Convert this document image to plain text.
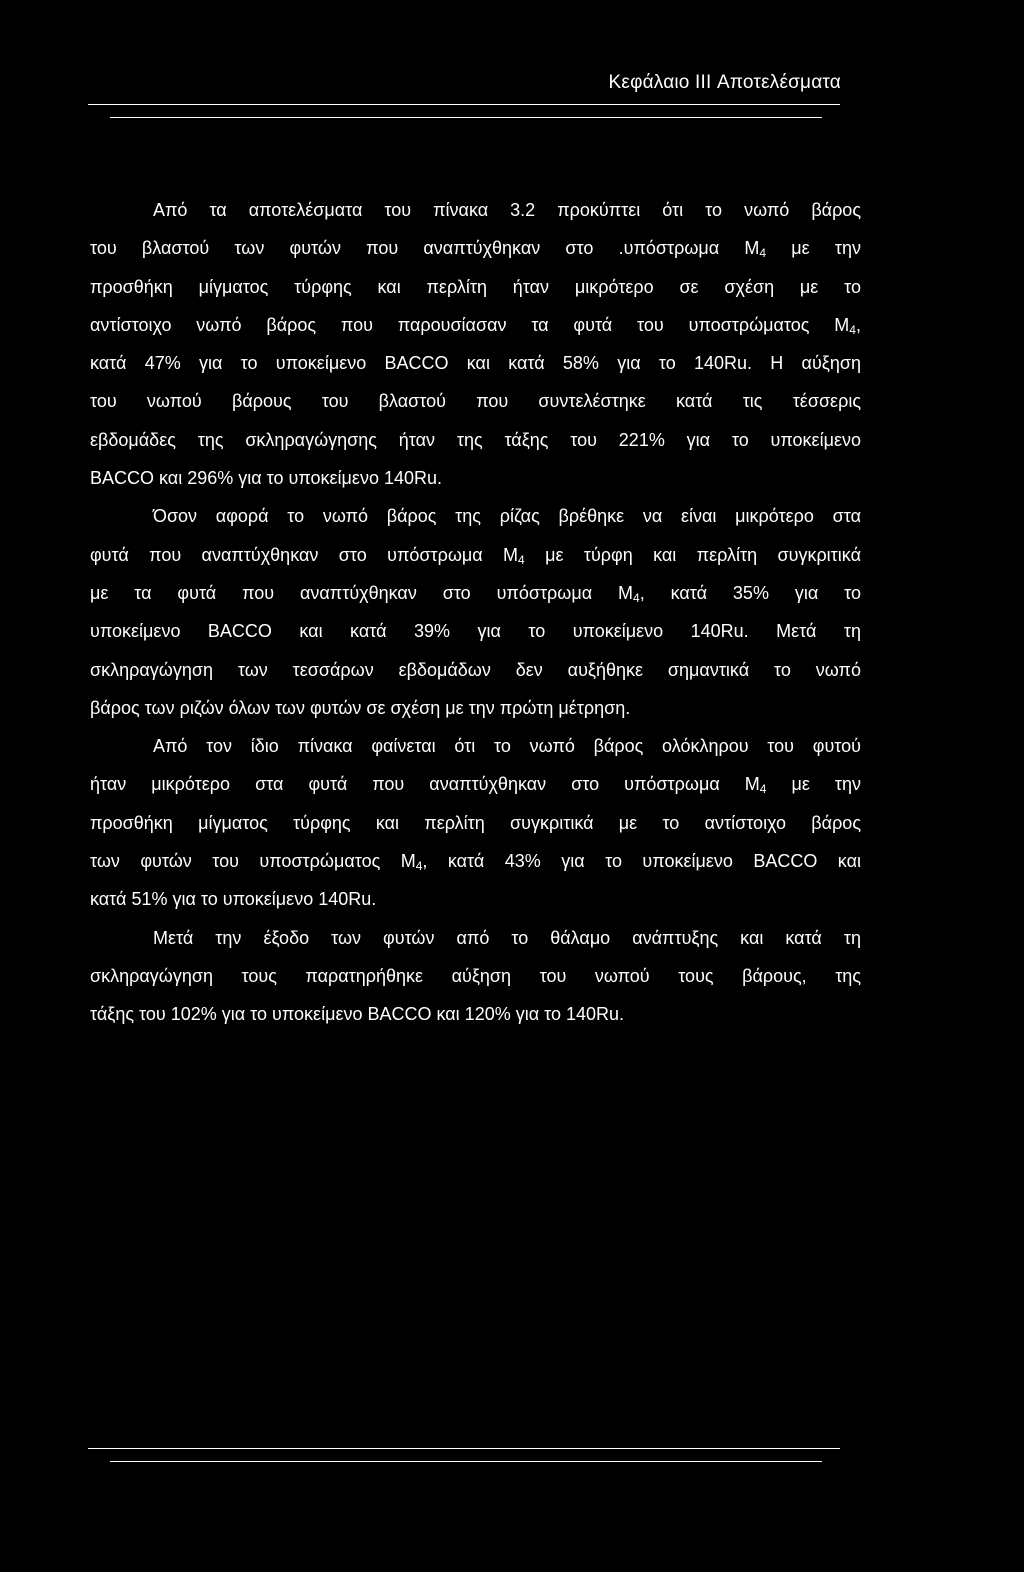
Κεφάλαιο III Αποτελέσματα
Από τα αποτελέσματα του πίνακα 3.2 προκύπτει ότι το νωπό βάρος
του βλαστού των φυτών που αναπτύχθηκαν στο .υπόστρωμα $M_4$ με την
προσθήκη μίγματος τύρφης και περλίτη ήταν μικρότερο σε σχέση με το
αντίστοιχο νωπό βάρος που παρουσίασαν τα φυτά του υποστρώματος $M_4$,
κατά 47% για το υποκείμενο BACCO και κατά 58% για το 140Ru. Η αύξηση
του νωπού βάρους του βλαστού που συντελέστηκε κατά τις τέσσερις
εβδομάδες της σκληραγώγησης ήταν της τάξης του 221% για το υποκείμενο
BACCO και 296% για το υποκείμενο 140Ru.
Όσον αφορά το νωπό βάρος της ρίζας βρέθηκε να είναι μικρότερο στα
φυτά που αναπτύχθηκαν στο υπόστρωμα $M_4$ με τύρφη και περλίτη συγκριτικά
με τα φυτά που αναπτύχθηκαν στο υπόστρωμα $M_4$, κατά 35% για το
υποκείμενο BACCO και κατά 39% για το υποκείμενο 140Ru. Μετά τη
σκληραγώγηση των τεσσάρων εβδομάδων δεν αυξήθηκε σημαντικά το νωπό
βάρος των ριζών όλων των φυτών σε σχέση με την πρώτη μέτρηση.
Από τον ίδιο πίνακα φαίνεται ότι το νωπό βάρος ολόκληρου του φυτού
ήταν μικρότερο στα φυτά που αναπτύχθηκαν στο υπόστρωμα $M_4$ με την
προσθήκη μίγματος τύρφης και περλίτη συγκριτικά με το αντίστοιχο βάρος
των φυτών του υποστρώματος $M_4$, κατά 43% για το υποκείμενο BACCO και
κατά 51% για το υποκείμενο 140Ru.
Μετά την έξοδο των φυτών από το θάλαμο ανάπτυξης και κατά τη
σκληραγώγηση τους παρατηρήθηκε αύξηση του νωπού τους βάρους, της
τάξης του 102% για το υποκείμενο BACCO και 120% για το 140Ru.
